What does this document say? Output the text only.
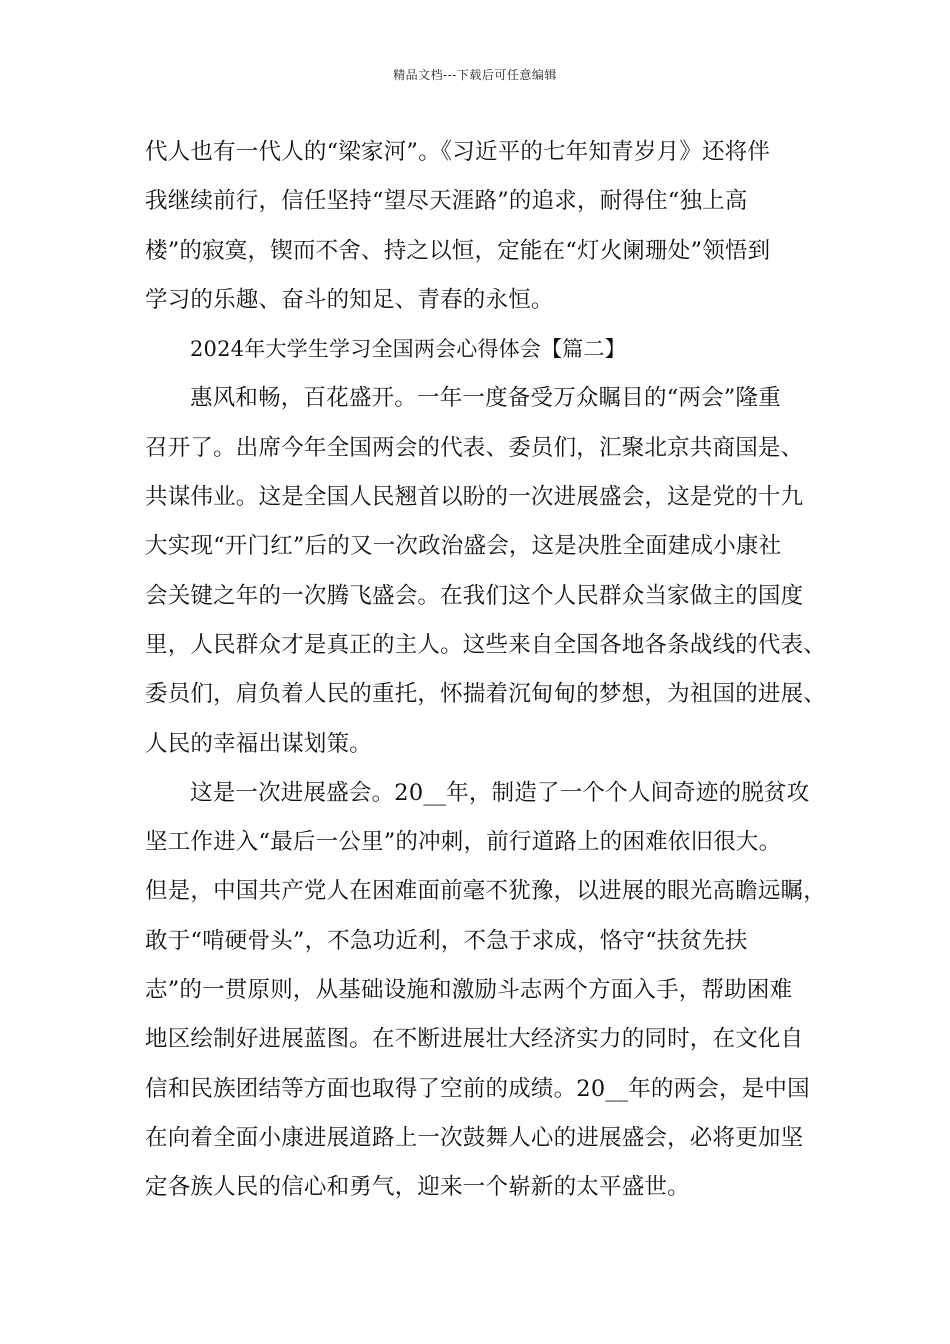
精品文档---下载后可任意编辑
代人也有一代人的“梁家河”。《习近平的七年知青岁月》还将伴
我继续前行，信任坚持“望尽天涯路”的追求，耐得住“独上高
楼”的寂寞，锲而不舍、持之以恒，定能在“灯火阑珊处”领悟到
学习的乐趣、奋斗的知足、青春的永恒。
2024年大学生学习全国两会心得体会【篇二】
惠风和畅，百花盛开。一年一度备受万众瞩目的“两会”隆重
召开了。出席今年全国两会的代表、委员们，汇聚北京共商国是、
共谋伟业。这是全国人民翘首以盼的一次进展盛会，这是党的十九
大实现“开门红”后的又一次政治盛会，这是决胜全面建成小康社
会关键之年的一次腾飞盛会。在我们这个人民群众当家做主的国度
里，人民群众才是真正的主人。这些来自全国各地各条战线的代表、
委员们，肩负着人民的重托，怀揣着沉甸甸的梦想，为祖国的进展、
人民的幸福出谋划策。
这是一次进展盛会。20__年，制造了一个个人间奇迹的脱贫攻
坚工作进入“最后一公里”的冲刺，前行道路上的困难依旧很大。
但是，中国共产党人在困难面前毫不犹豫，以进展的眼光高瞻远瞩，
敢于“啃硬骨头”，不急功近利，不急于求成，恪守“扶贫先扶
志”的一贯原则，从基础设施和激励斗志两个方面入手，帮助困难
地区绘制好进展蓝图。在不断进展壮大经济实力的同时，在文化自
信和民族团结等方面也取得了空前的成绩。20__年的两会，是中国
在向着全面小康进展道路上一次鼓舞人心的进展盛会，必将更加坚
定各族人民的信心和勇气，迎来一个崭新的太平盛世。
